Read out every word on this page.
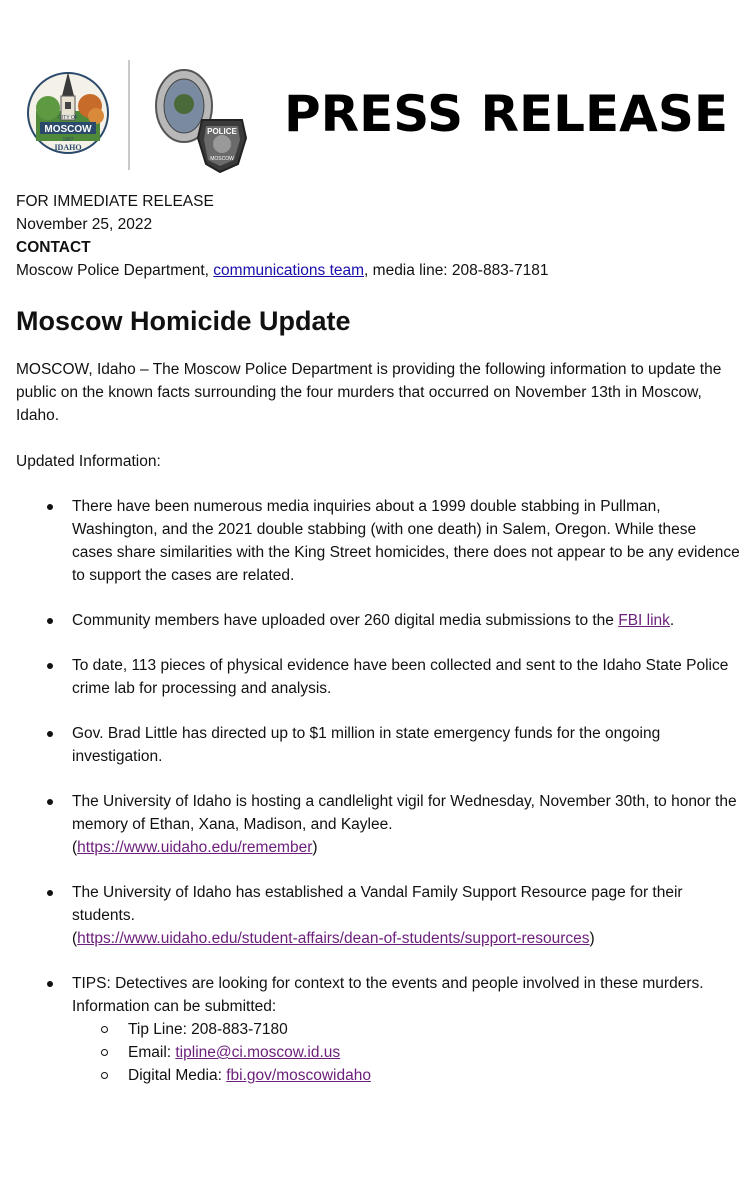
MOSCOW
CITY OF
1887
IDAHO
POLICE
MOSCOW
PRESS RELEASE

FOR IMMEDIATE RELEASE

November 25, 2022

CONTACT

Moscow Police Department, communications team, media line: 208-883-7181

Moscow Homicide Update

MOSCOW, Idaho – The Moscow Police Department is providing the following information to update the public on the known facts surrounding the four murders that occurred on November 13th in Moscow, Idaho.

Updated Information:

There have been numerous media inquiries about a 1999 double stabbing in Pullman, Washington, and the 2021 double stabbing (with one death) in Salem, Oregon. While these cases share similarities with the King Street homicides, there does not appear to be any evidence to support the cases are related.
Community members have uploaded over 260 digital media submissions to the FBI link.
To date, 113 pieces of physical evidence have been collected and sent to the Idaho State Police crime lab for processing and analysis.
Gov. Brad Little has directed up to $1 million in state emergency funds for the ongoing investigation.
The University of Idaho is hosting a candlelight vigil for Wednesday, November 30th, to honor the memory of Ethan, Xana, Madison, and Kaylee.
(https://www.uidaho.edu/remember)
The University of Idaho has established a Vandal Family Support Resource page for their students.
(https://www.uidaho.edu/student-affairs/dean-of-students/support-resources)
TIPS: Detectives are looking for context to the events and people involved in these murders. Information can be submitted:
Tip Line: 208-883-7180
Email: tipline@ci.moscow.id.us
Digital Media: fbi.gov/moscowidaho
